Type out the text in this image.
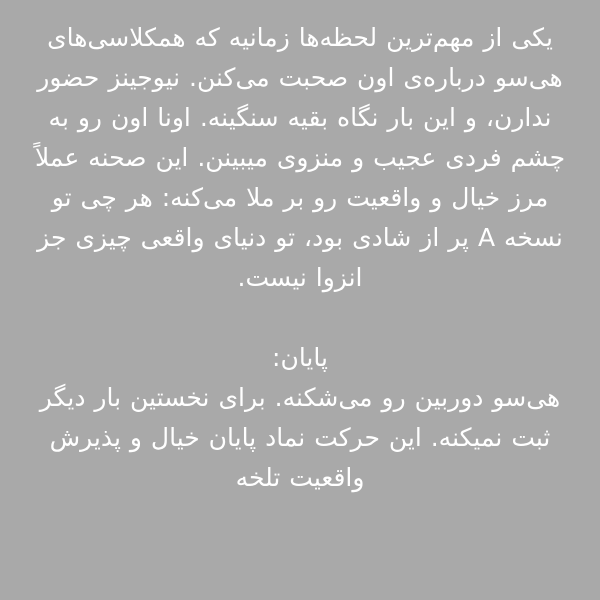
یکی از مهم‌ترین لحظه‌ها زمانیه که همکلاسی‌های هی‌سو درباره‌ی اون صحبت می‌کنن. نیوجینز حضور ندارن، و این بار نگاه بقیه سنگینه. اونا اون رو به چشم فردی عجیب و منزوی میبینن. این صحنه عملاً مرز خیال و واقعیت رو بر ملا می‌کنه: هر چی تو نسخه A پر از شادی بود، تو دنیای واقعی چیزی جز انزوا نیست.
پایان:
هی‌سو دوربین رو می‌شکنه. برای نخستین بار دیگر ثبت نمیکنه. این حرکت نماد پایان خیال و پذیرش واقعیت تلخه
